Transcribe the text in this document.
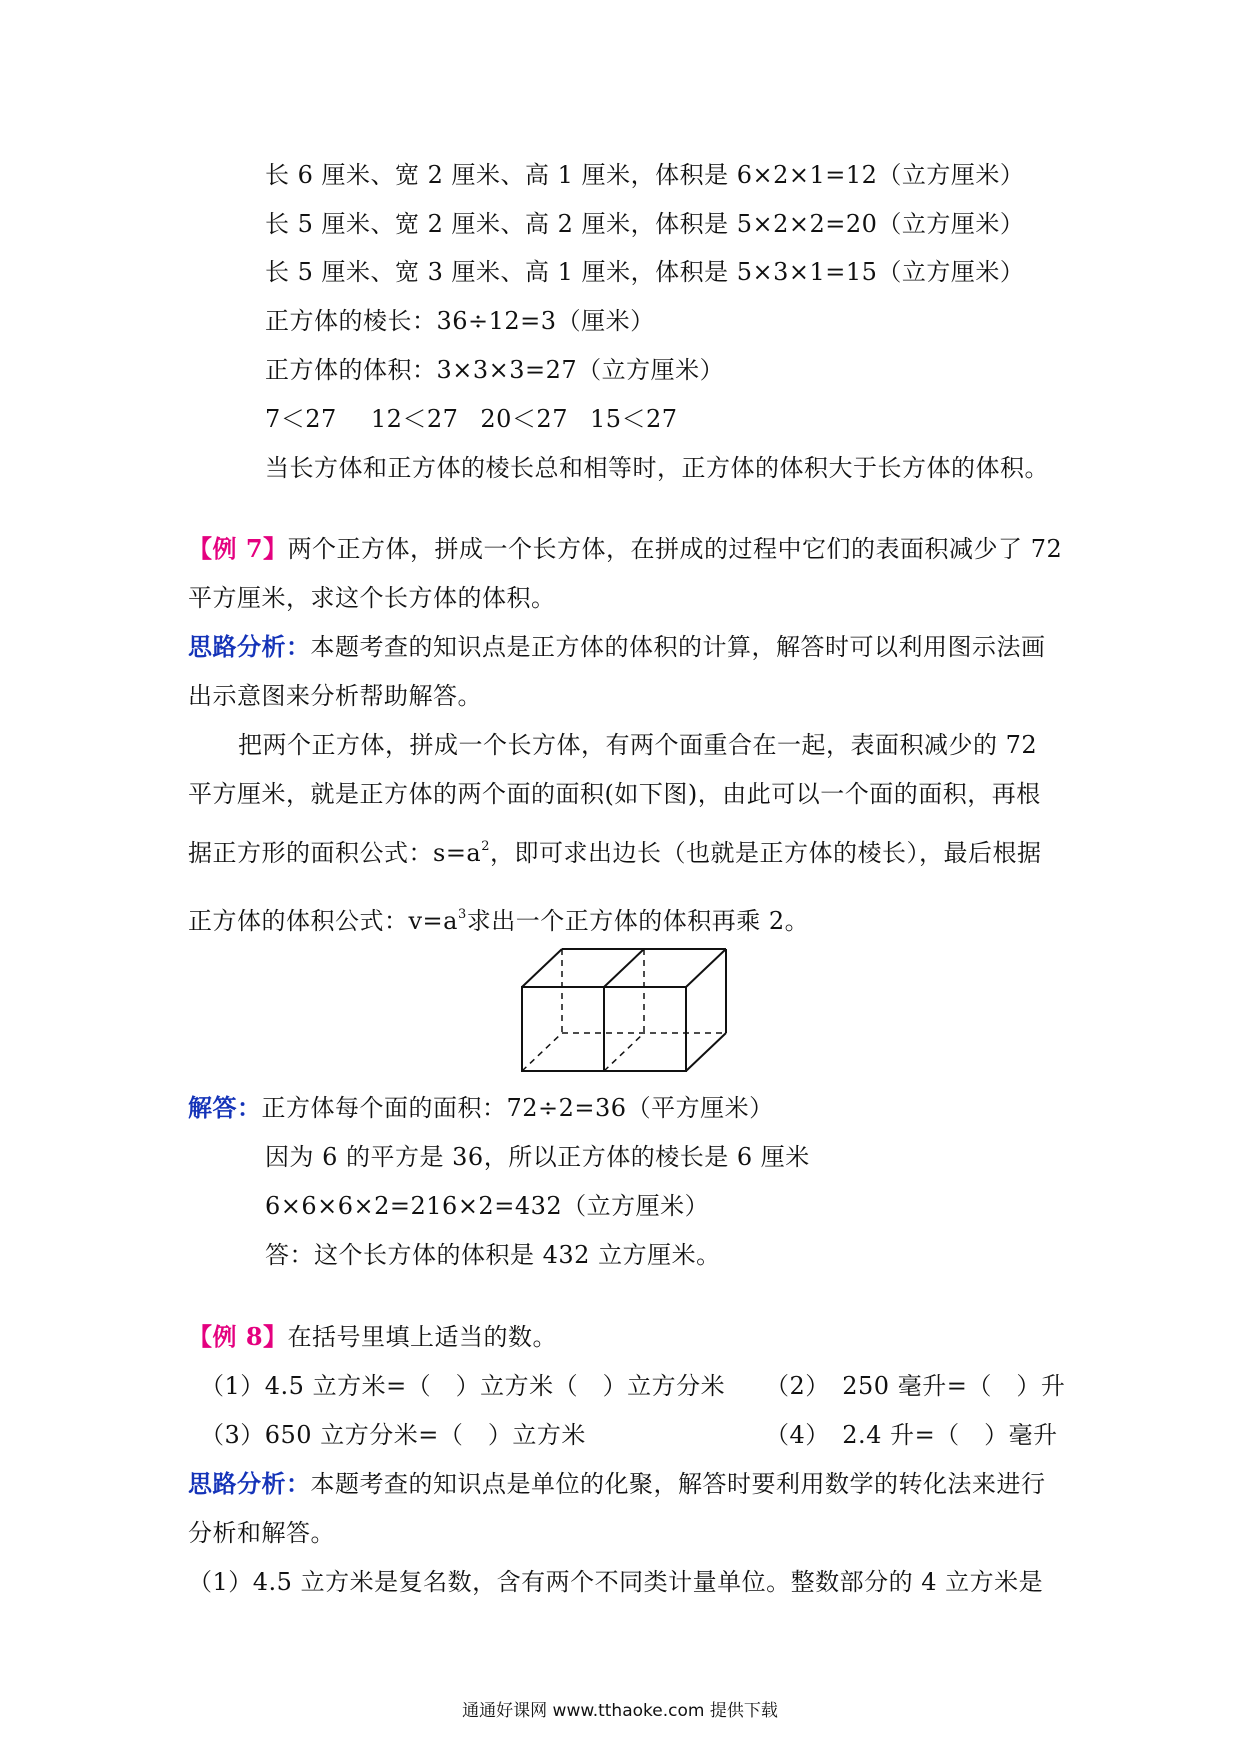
长 6 厘米、宽 2 厘米、高 1 厘米，体积是 6×2×1=12（立方厘米）
长 5 厘米、宽 2 厘米、高 2 厘米，体积是 5×2×2=20（立方厘米）
长 5 厘米、宽 3 厘米、高 1 厘米，体积是 5×3×1=15（立方厘米）
正方体的棱长：36÷12=3（厘米）
正方体的体积：3×3×3=27（立方厘米）
7＜27 12＜27 20＜27 15＜27
当长方体和正方体的棱长总和相等时，正方体的体积大于长方体的体积。
【例 7】两个正方体，拼成一个长方体，在拼成的过程中它们的表面积减少了 72
平方厘米，求这个长方体的体积。
思路分析：本题考查的知识点是正方体的体积的计算，解答时可以利用图示法画
出示意图来分析帮助解答。
把两个正方体，拼成一个长方体，有两个面重合在一起，表面积减少的 72
平方厘米，就是正方体的两个面的面积(如下图)，由此可以一个面的面积，再根
据正方形的面积公式：$s=a^2$，即可求出边长（也就是正方体的棱长），最后根据
正方体的体积公式：$v=a^3$求出一个正方体的体积再乘 2。
解答：正方体每个面的面积：72÷2=36（平方厘米）
因为 6 的平方是 36，所以正方体的棱长是 6 厘米
6×6×6×2=216×2=432（立方厘米）
答：这个长方体的体积是 432 立方厘米。
【例 8】在括号里填上适当的数。
（1）4.5 立方米=（　）立方米（　）立方分米 （2）　250 毫升=（　）升
（3）650 立方分米=（　）立方米	（4）　2.4 升=（　）毫升
思路分析：本题考查的知识点是单位的化聚，解答时要利用数学的转化法来进行
分析和解答。
（1）4.5 立方米是复名数，含有两个不同类计量单位。整数部分的 4 立方米是
通通好课网 www.tthaoke.com 提供下载
